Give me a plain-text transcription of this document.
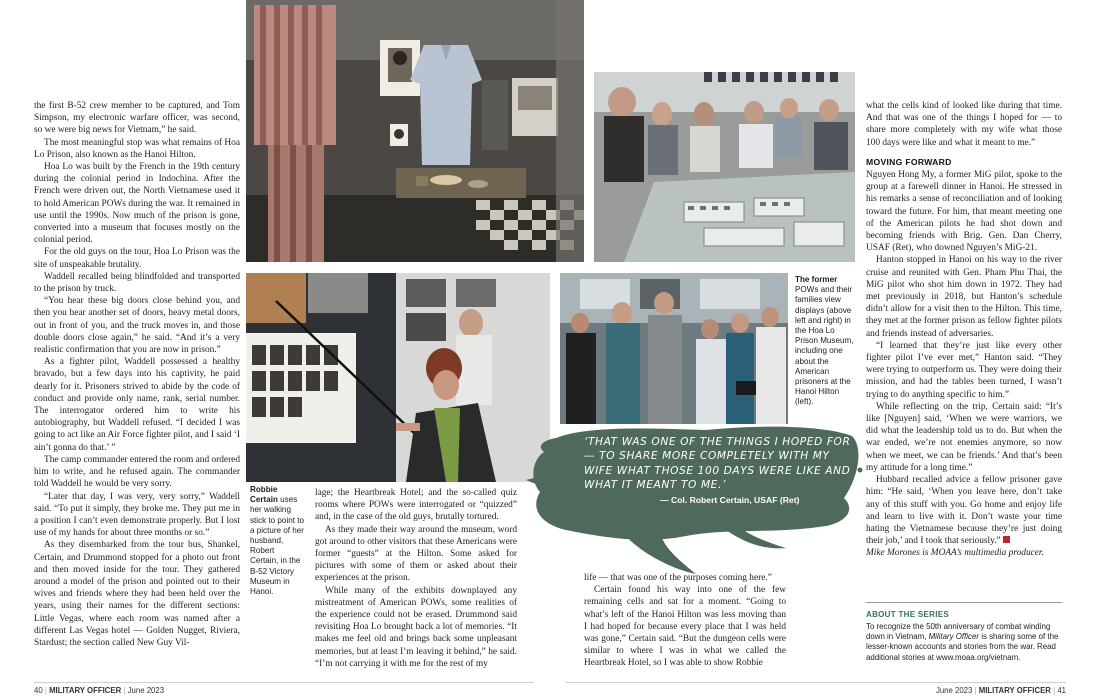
the first B-52 crew member to be captured, and Tom Simpson, my electronic warfare officer, was second, so we were big news for Vietnam,” he said.

The most meaningful stop was what remains of Hoa Lo Prison, also known as the Hanoi Hilton.

Hoa Lo was built by the French in the 19th century during the colonial period in Indochina. After the French were driven out, the North Vietnamese used it to hold American POWs during the war. It remained in use until the 1990s. Now much of the prison is gone, converted into a museum that focuses mostly on the colonial period.

For the old guys on the tour, Hoa Lo Prison was the site of unspeakable brutality.

Waddell recalled being blindfolded and transported to the prison by truck.

“You hear these big doors close behind you, and then you hear another set of doors, heavy metal doors, out in front of you, and the truck moves in, and those double doors close again,” he said. “And it’s a very realistic confirmation that you are now in prison.”

As a fighter pilot, Waddell possessed a healthy bravado, but a few days into his captivity, he paid dearly for it. Prisoners strived to abide by the code of conduct and provide only name, rank, serial number. The interrogator ordered him to write his autobiography, but Waddell refused. “I decided I was going to act like an Air Force fighter pilot, and I said ‘I ain’t gonna do that.’ ”

The camp commander entered the room and ordered him to write, and he refused again. The commander told Waddell he would be very sorry.

“Later that day, I was very, very sorry,” Waddell said. “To put it simply, they broke me. They put me in a position I can’t even demonstrate properly. But I lost use of my hands for about three months or so.”

As they disembarked from the tour bus, Shankel, Certain, and Drummond stopped for a photo out front and then moved inside for the tour. They gathered around a model of the prison and pointed out to their wives and friends where they had been held over the years, using their names for the different sections: Little Vegas, where each room was named after a different Las Vegas hotel — Golden Nugget, Riviera, Stardust; the section called New Guy Vil-

Robbie Certain uses her walking stick to point to a picture of her husband, Robert Certain, in the B-52 Victory Museum in Hanoi.

lage; the Heartbreak Hotel; and the so-called quiz rooms where POWs were interrogated or “quizzed” and, in the case of the old guys, brutally tortured.

As they made their way around the museum, word got around to other visitors that these Americans were former “guests” at the Hilton. Some asked for pictures with some of them or asked about their experiences at the prison.

While many of the exhibits downplayed any mistreatment of American POWs, some realities of the experience could not be erased. Drummond said revisiting Hoa Lo brought back a lot of memories. “It makes me feel old and brings back some unpleasant memories, but at least I’m leaving it behind,” he said. “I’m not carrying it with me for the rest of my

life — that was one of the purposes coming here.”

Certain found his way into one of the few remaining cells and sat for a moment. “Going to what’s left of the Hanoi Hilton was less moving than I had hoped for because every place that I was held was gone,” Certain said. “But the dungeon cells were similar to where I was in what we called the Heartbreak Hotel, so I was able to show Robbie

The former POWs and their families view displays (above left and right) in the Hoa Lo Prison Museum, including one about the American prisoners at the Hanoi Hilton (left).
‘THAT WAS ONE OF THE THINGS I HOPED FOR — TO SHARE MORE COMPLETELY WITH MY WIFE WHAT THOSE 100 DAYS WERE LIKE AND WHAT IT MEANT TO ME.’
— Col. Robert Certain, USAF (Ret)

what the cells kind of looked like during that time. And that was one of the things I hoped for — to share more completely with my wife what those 100 days were like and what it meant to me.”

MOVING FORWARD

Nguyen Hong My, a former MiG pilot, spoke to the group at a farewell dinner in Hanoi. He stressed in his remarks a sense of reconciliation and of looking toward the future. For him, that meant meeting one of the American pilots he had shot down and becoming friends with Brig. Gen. Dan Cherry, USAF (Ret), who downed Nguyen’s MiG-21.

Hanton stopped in Hanoi on his way to the river cruise and reunited with Gen. Pham Phu Thai, the MiG pilot who shot him down in 1972. They had met previously in 2018, but Hanton’s schedule didn’t allow for a visit then to the Hilton. This time, they met at the former prison as fellow fighter pilots and friends instead of adversaries.

“I learned that they’re just like every other fighter pilot I’ve ever met,” Hanton said. “They were trying to outperform us. They were doing their mission, and had the tables been turned, I wasn’t trying to do anything specific to him.”

While reflecting on the trip, Certain said: “It’s like [Nguyen] said, ‘When we were warriors, we did what the leadership told us to do. But when the war ended, we’re not enemies anymore, so now when we meet, we can be friends.’ And that’s been my attitude for a long time.”

Hubbard recalled advice a fellow prisoner gave him: “He said, ‘When you leave here, don’t take any of this stuff with you. Go home and enjoy life and learn to live with it. Don’t waste your time hating the Vietnamese because they’re just doing their job,’ and I took that seriously.”

Mike Morones is MOAA’s multimedia producer.

ABOUT THE SERIES

To recognize the 50th anniversary of combat winding down in Vietnam, Military Officer is sharing some of the lesser-known accounts and stories from the war. Read additional stories at www.moaa.org/vietnam.

40 | MILITARY OFFICER | June 2023	June 2023 | MILITARY OFFICER | 41
